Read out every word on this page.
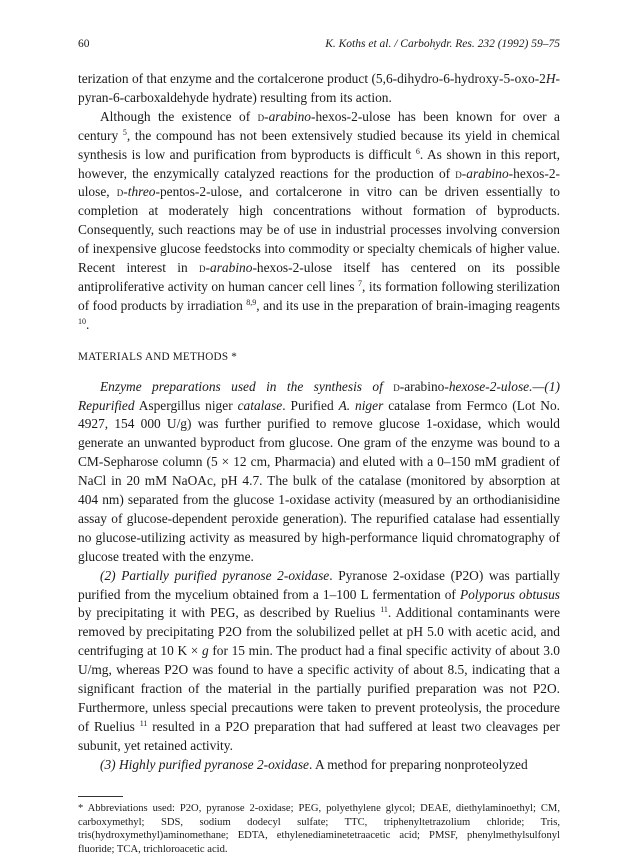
60	K. Koths et al. / Carbohydr. Res. 232 (1992) 59–75

terization of that enzyme and the cortalcerone product (5,6-dihydro-6-hydroxy-5-oxo-2H-pyran-6-carboxaldehyde hydrate) resulting from its action.

Although the existence of d-arabino-hexos-2-ulose has been known for over a century $^5$, the compound has not been extensively studied because its yield in chemical synthesis is low and purification from byproducts is difficult $^6$. As shown in this report, however, the enzymically catalyzed reactions for the production of d-arabino-hexos-2-ulose, d-threo-pentos-2-ulose, and cortalcerone in vitro can be driven essentially to completion at moderately high concentrations without formation of byproducts. Consequently, such reactions may be of use in industrial processes involving conversion of inexpensive glucose feedstocks into commodity or specialty chemicals of higher value. Recent interest in d-arabino-hexos-2-ulose itself has centered on its possible antiproliferative activity on human cancer cell lines $^7$, its formation following sterilization of food products by irradiation $^{8,9}$, and its use in the preparation of brain-imaging reagents $^{10}$.

MATERIALS AND METHODS *

Enzyme preparations used in the synthesis of d-arabino-hexose-2-ulose.—(1) Repurified Aspergillus niger catalase. Purified A. niger catalase from Fermco (Lot No. 4927, 154 000 U/g) was further purified to remove glucose 1-oxidase, which would generate an unwanted byproduct from glucose. One gram of the enzyme was bound to a CM-Sepharose column (5 × 12 cm, Pharmacia) and eluted with a 0–150 mM gradient of NaCl in 20 mM NaOAc, pH 4.7. The bulk of the catalase (monitored by absorption at 404 nm) separated from the glucose 1-oxidase activity (measured by an orthodianisidine assay of glucose-dependent peroxide generation). The repurified catalase had essentially no glucose-utilizing activity as measured by high-performance liquid chromatography of glucose treated with the enzyme.

(2) Partially purified pyranose 2-oxidase. Pyranose 2-oxidase (P2O) was partially purified from the mycelium obtained from a 1–100 L fermentation of Polyporus obtusus by precipitating it with PEG, as described by Ruelius $^{11}$. Additional contaminants were removed by precipitating P2O from the solubilized pellet at pH 5.0 with acetic acid, and centrifuging at 10 K × g for 15 min. The product had a final specific activity of about 3.0 U/mg, whereas P2O was found to have a specific activity of about 8.5, indicating that a significant fraction of the material in the partially purified preparation was not P2O. Furthermore, unless special precautions were taken to prevent proteolysis, the procedure of Ruelius $^{11}$ resulted in a P2O preparation that had suffered at least two cleavages per subunit, yet retained activity.

(3) Highly purified pyranose 2-oxidase. A method for preparing nonproteolyzed

* Abbreviations used: P2O, pyranose 2-oxidase; PEG, polyethylene glycol; DEAE, diethylaminoethyl; CM, carboxymethyl; SDS, sodium dodecyl sulfate; TTC, triphenyltetrazolium chloride; Tris, tris(hydroxymethyl)aminomethane; EDTA, ethylenediaminetetraacetic acid; PMSF, phenylmethylsulfonyl fluoride; TCA, trichloroacetic acid.
